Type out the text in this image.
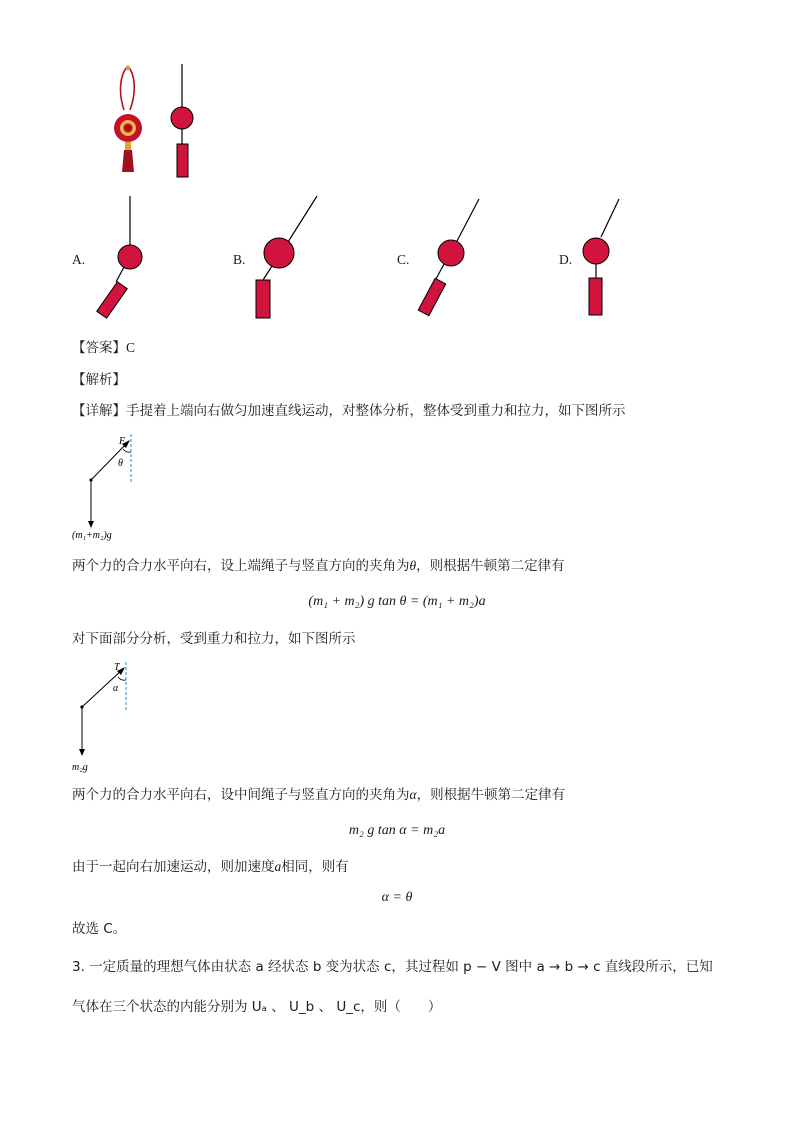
A.	B.	C.	D.
【答案】C
【解析】
【详解】手提着上端向右做匀加速直线运动，对整体分析，整体受到重力和拉力，如下图所示
F
θ
(m₁+m₂)g
两个力的合力水平向右，设上端绳子与竖直方向的夹角为θ，则根据牛顿第二定律有
(m₁ + m₂) g tan θ = (m₁ + m₂)a
对下面部分分析，受到重力和拉力，如下图所示
T
α
m₂g
两个力的合力水平向右，设中间绳子与竖直方向的夹角为α，则根据牛顿第二定律有
m₂ g tan α = m₂a
由于一起向右加速运动，则加速度a相同，则有
α = θ
故选 C。
3. 一定质量的理想气体由状态 a 经状态 b 变为状态 c，其过程如 p − V 图中 a → b → c 直线段所示，已知
气体在三个状态的内能分别为 Uₐ 、 U_b 、 U_c，则（　　）
